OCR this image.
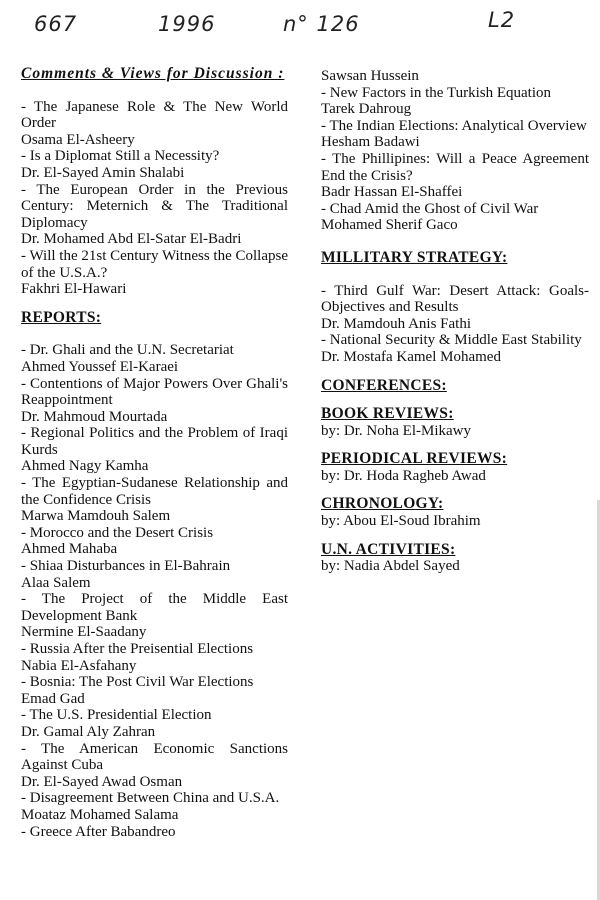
667	1996	n° 126	L2
Comments & Views for Discussion :
- The Japanese Role & The New World Order
Osama El-Asheery
- Is a Diplomat Still a Necessity?
Dr. El-Sayed Amin Shalabi
- The European Order in the Previous Century: Meternich & The Traditional Diplomacy
Dr. Mohamed Abd El-Satar El-Badri
- Will the 21st Century Witness the Collapse of the U.S.A.?
Fakhri El-Hawari
REPORTS:
- Dr. Ghali and the U.N. Secretariat
Ahmed Youssef El-Karaei
- Contentions of Major Powers Over Ghali's Reappointment
Dr. Mahmoud Mourtada
- Regional Politics and the Problem of Iraqi Kurds
Ahmed Nagy Kamha
- The Egyptian-Sudanese Relationship and the Confidence Crisis
Marwa Mamdouh Salem
- Morocco and the Desert Crisis
Ahmed Mahaba
- Shiaa Disturbances in El-Bahrain
Alaa Salem
- The Project of the Middle East Development Bank
Nermine El-Saadany
- Russia After the Preisential Elections
Nabia El-Asfahany
- Bosnia: The Post Civil War Elections
Emad Gad
- The U.S. Presidential Election
Dr. Gamal Aly Zahran
- The American Economic Sanctions Against Cuba
Dr. El-Sayed Awad Osman
- Disagreement Between China and U.S.A.
Moataz Mohamed Salama
- Greece After Babandreo
Sawsan Hussein
- New Factors in the Turkish Equation
Tarek Dahroug
- The Indian Elections: Analytical Overview
Hesham Badawi
- The Phillipines: Will a Peace Agreement End the Crisis?
Badr Hassan El-Shaffei
- Chad Amid the Ghost of Civil War
Mohamed Sherif Gaco
MILLITARY STRATEGY:
- Third Gulf War: Desert Attack: Goals-Objectives and Results
Dr. Mamdouh Anis Fathi
- National Security & Middle East Stability
Dr. Mostafa Kamel Mohamed
CONFERENCES:
BOOK REVIEWS:
by: Dr. Noha El-Mikawy
PERIODICAL REVIEWS:
by: Dr. Hoda Ragheb Awad
CHRONOLOGY:
by: Abou El-Soud Ibrahim
U.N. ACTIVITIES:
by: Nadia Abdel Sayed
